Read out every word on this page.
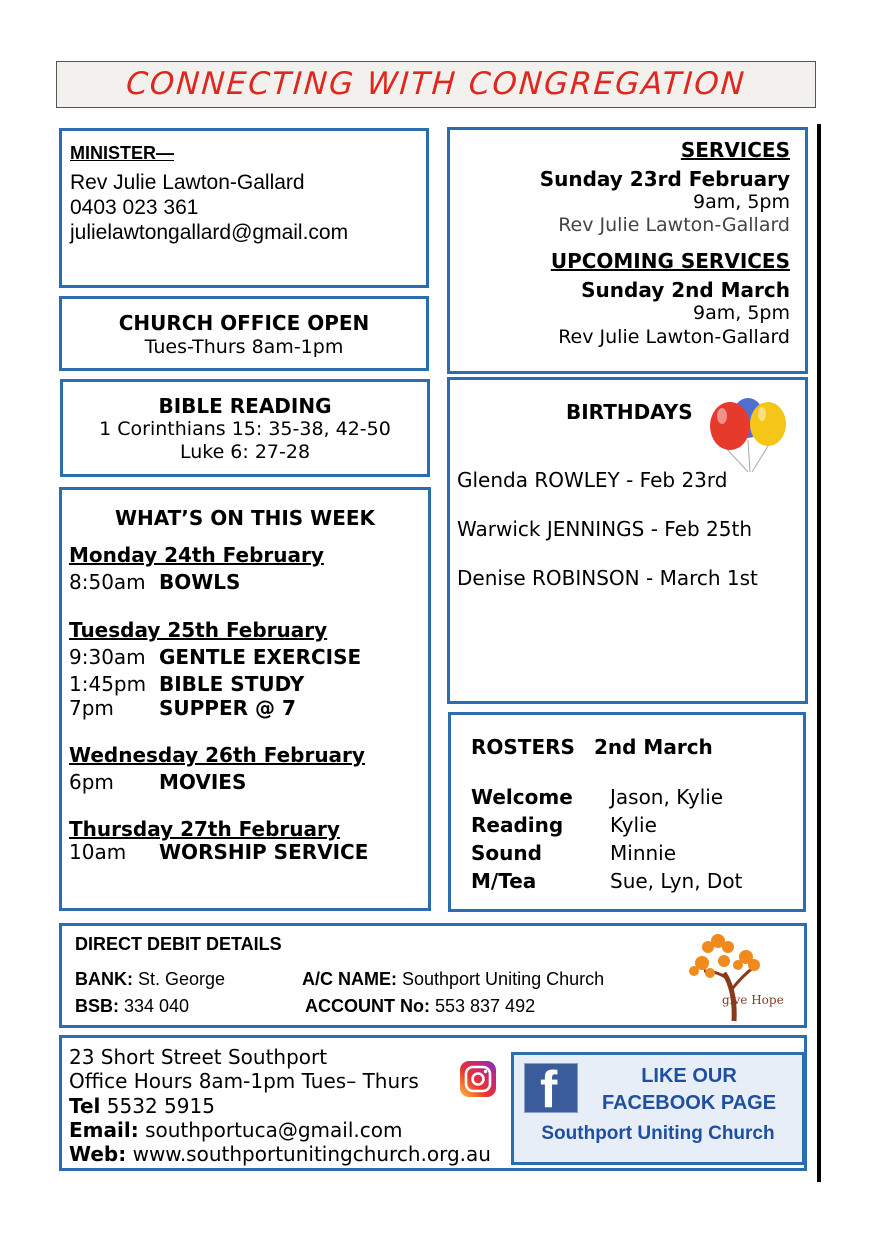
CONNECTING WITH CONGREGATION
MINISTER—
Rev Julie Lawton-Gallard
0403 023 361
julielawtongallard@gmail.com
CHURCH OFFICE OPEN
Tues-Thurs 8am-1pm
BIBLE READING
1 Corinthians 15: 35-38, 42-50
Luke 6: 27-28
WHAT’S ON THIS WEEK
Monday 24th February
8:50am BOWLS
Tuesday 25th February
9:30am GENTLE EXERCISE
1:45pm BIBLE STUDY
7pm SUPPER @ 7
Wednesday 26th February
6pm MOVIES
Thursday 27th February
10am WORSHIP SERVICE
SERVICES
Sunday 23rd February
9am, 5pm
Rev Julie Lawton-Gallard
UPCOMING SERVICES
Sunday 2nd March
9am, 5pm
Rev Julie Lawton-Gallard
BIRTHDAYS
Glenda ROWLEY - Feb 23rd
Warwick JENNINGS - Feb 25th
Denise ROBINSON - March 1st
ROSTERS 2nd March
Welcome Jason, Kylie
Reading Kylie
Sound	Minnie
M/Tea	Sue, Lyn, Dot
DIRECT DEBIT DETAILS
BANK: St. George
BSB: 334 040
A/C NAME: Southport Uniting Church
ACCOUNT No: 553 837 492	give Hope
23 Short Street Southport
Office Hours 8am-1pm Tues– Thurs
Tel 5532 5915
Email: southportuca@gmail.com
Web: www.southportunitingchurch.org.au
f	LIKE OUR
FACEBOOK PAGE
Southport Uniting Church
